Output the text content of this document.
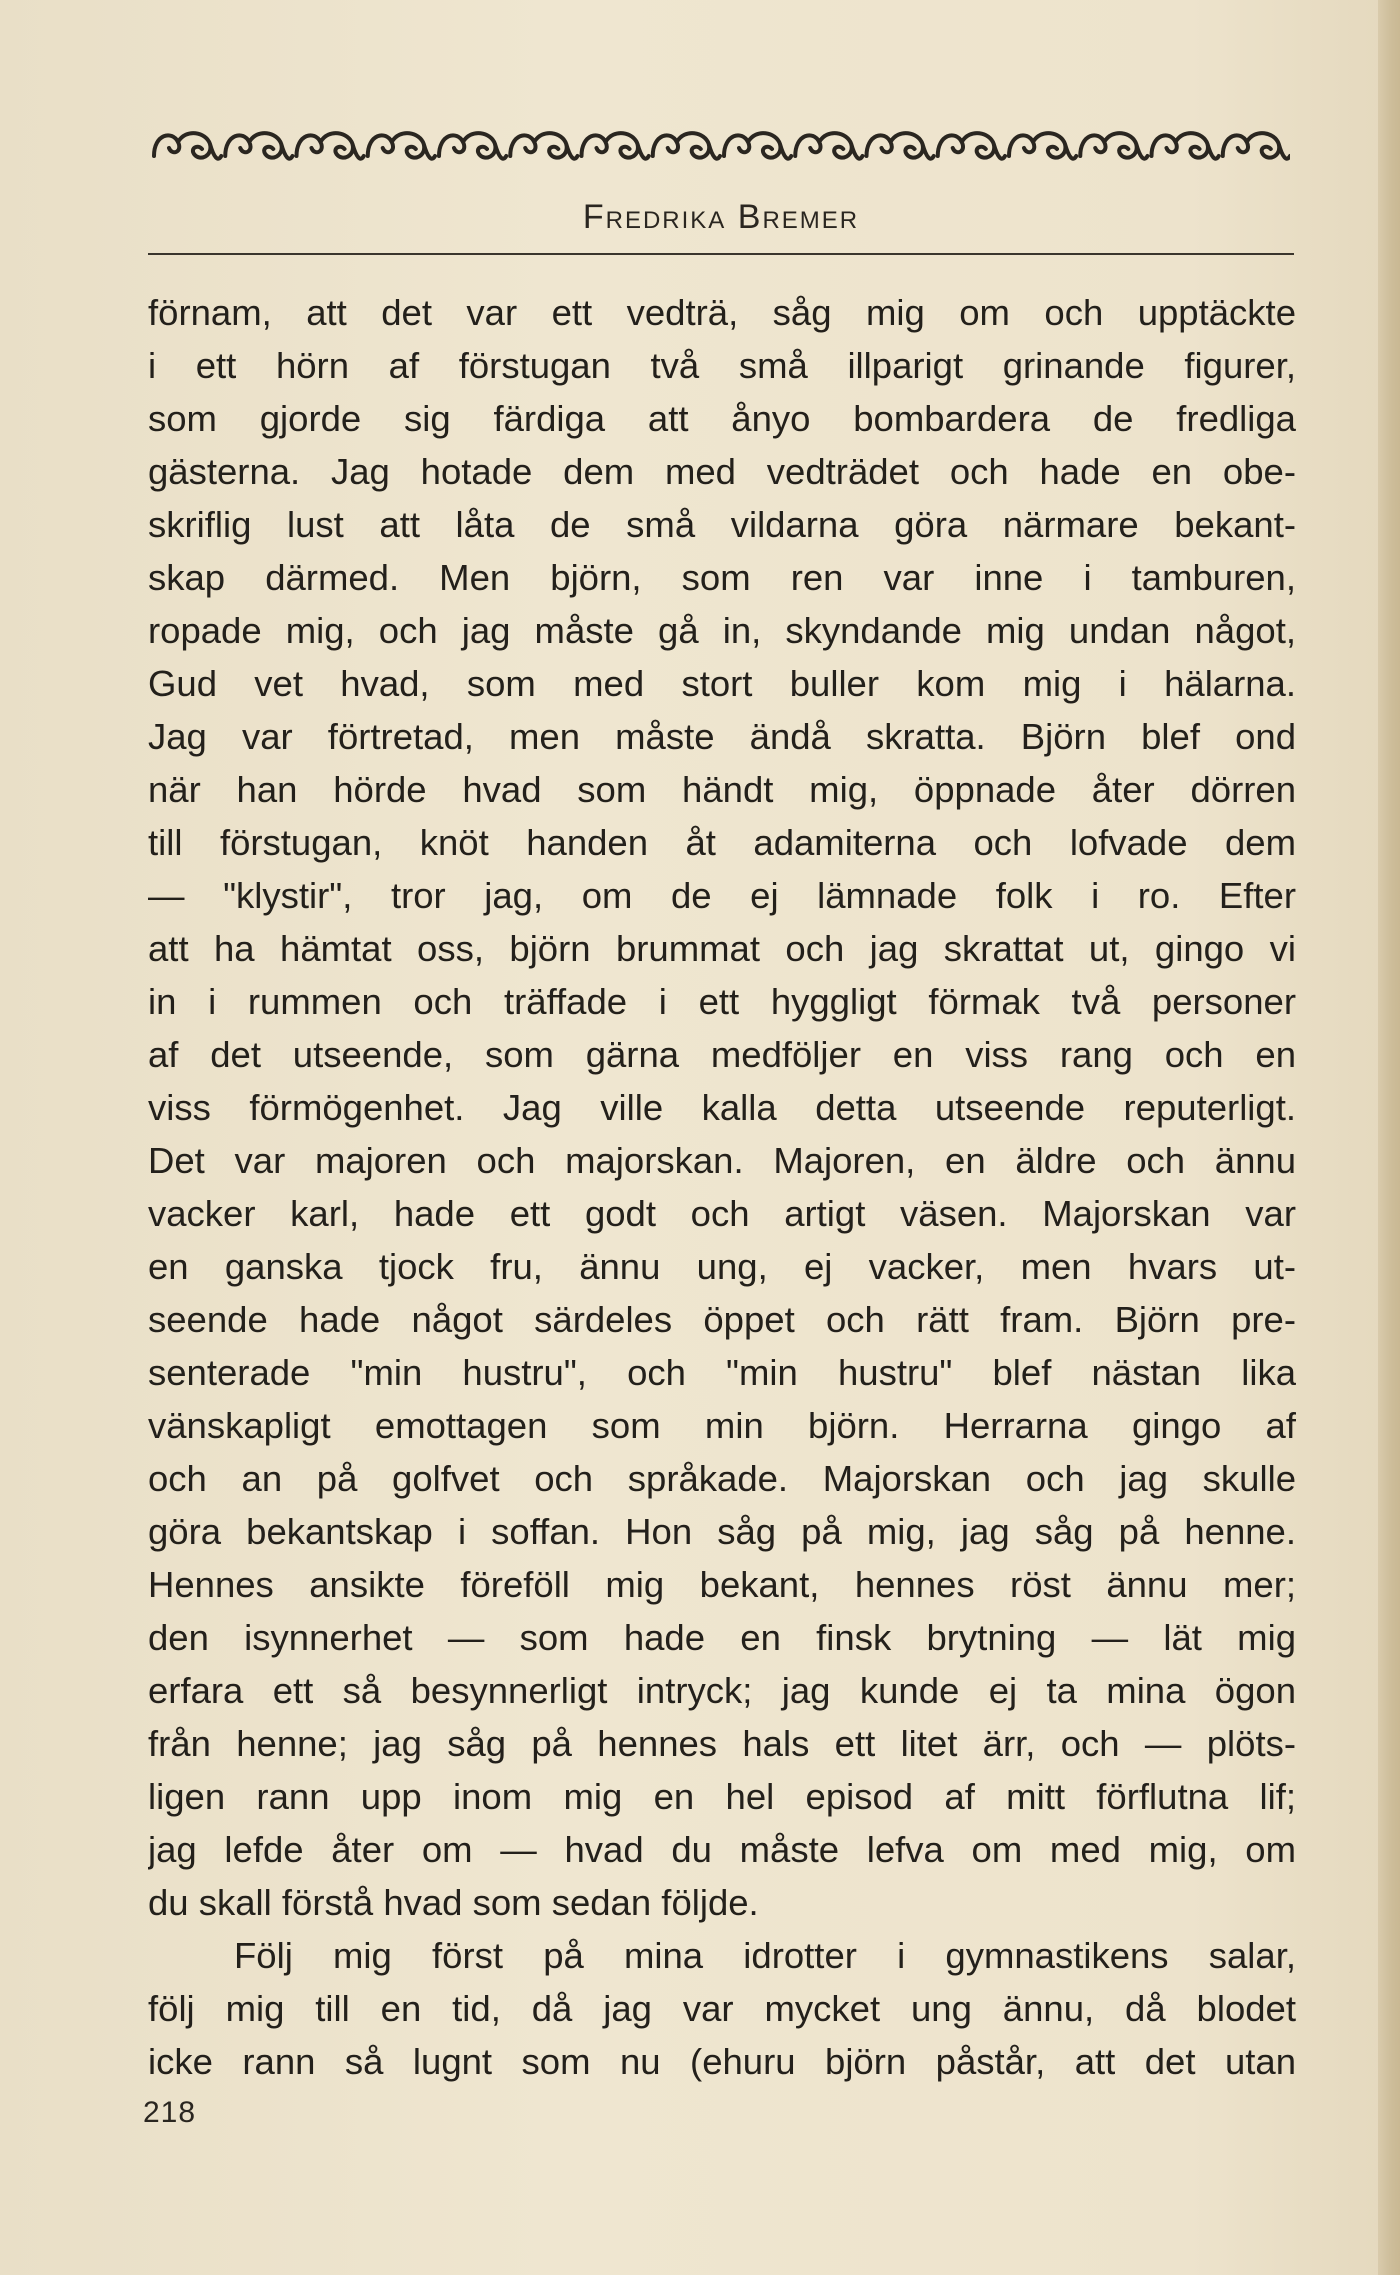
Fredrika Bremer
förnam, att det var ett vedträ, såg mig om och upptäckte
i ett hörn af förstugan två små illparigt grinande figurer,
som gjorde sig färdiga att ånyo bombardera de fredliga
gästerna. Jag hotade dem med vedträdet och hade en obe-
skriflig lust att låta de små vildarna göra närmare bekant-
skap därmed. Men björn, som ren var inne i tamburen,
ropade mig, och jag måste gå in, skyndande mig undan något,
Gud vet hvad, som med stort buller kom mig i hälarna.
Jag var förtretad, men måste ändå skratta. Björn blef ond
när han hörde hvad som händt mig, öppnade åter dörren
till förstugan, knöt handen åt adamiterna och lofvade dem
— "klystir", tror jag, om de ej lämnade folk i ro. Efter
att ha hämtat oss, björn brummat och jag skrattat ut, gingo vi
in i rummen och träffade i ett hyggligt förmak två personer
af det utseende, som gärna medföljer en viss rang och en
viss förmögenhet. Jag ville kalla detta utseende reputerligt.
Det var majoren och majorskan. Majoren, en äldre och ännu
vacker karl, hade ett godt och artigt väsen. Majorskan var
en ganska tjock fru, ännu ung, ej vacker, men hvars ut-
seende hade något särdeles öppet och rätt fram. Björn pre-
senterade "min hustru", och "min hustru" blef nästan lika
vänskapligt emottagen som min björn. Herrarna gingo af
och an på golfvet och språkade. Majorskan och jag skulle
göra bekantskap i soffan. Hon såg på mig, jag såg på henne.
Hennes ansikte föreföll mig bekant, hennes röst ännu mer;
den isynnerhet — som hade en finsk brytning — lät mig
erfara ett så besynnerligt intryck; jag kunde ej ta mina ögon
från henne; jag såg på hennes hals ett litet ärr, och — plöts-
ligen rann upp inom mig en hel episod af mitt förflutna lif;
jag lefde åter om — hvad du måste lefva om med mig, om
du skall förstå hvad som sedan följde.
Följ mig först på mina idrotter i gymnastikens salar,
följ mig till en tid, då jag var mycket ung ännu, då blodet
icke rann så lugnt som nu (ehuru björn påstår, att det utan
218
